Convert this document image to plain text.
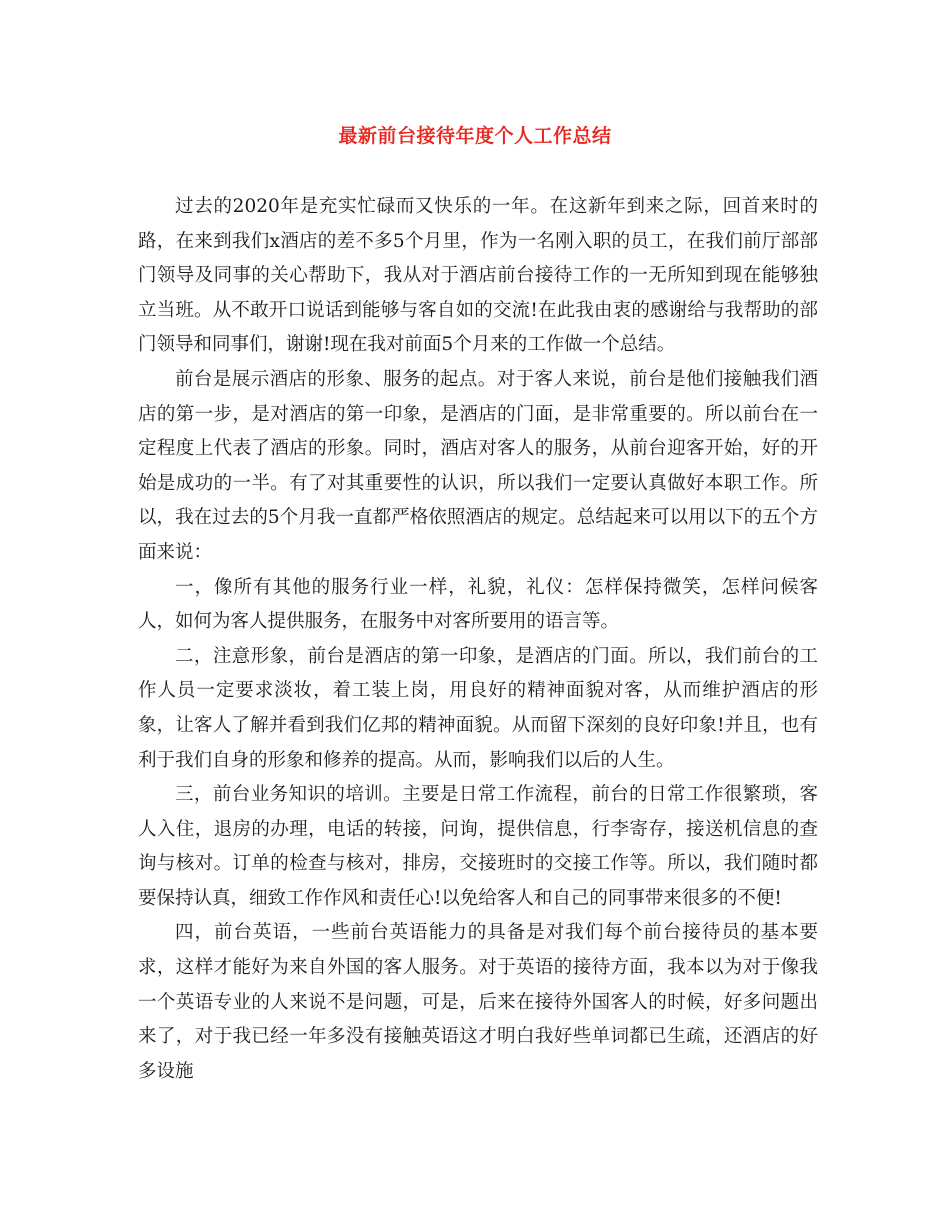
最新前台接待年度个人工作总结

过去的2020年是充实忙碌而又快乐的一年。在这新年到来之际，回首来时的路，在来到我们x酒店的差不多5个月里，作为一名刚入职的员工，在我们前厅部部门领导及同事的关心帮助下，我从对于酒店前台接待工作的一无所知到现在能够独立当班。从不敢开口说话到能够与客自如的交流!在此我由衷的感谢给与我帮助的部门领导和同事们，谢谢!现在我对前面5个月来的工作做一个总结。

前台是展示酒店的形象、服务的起点。对于客人来说，前台是他们接触我们酒店的第一步，是对酒店的第一印象，是酒店的门面，是非常重要的。所以前台在一定程度上代表了酒店的形象。同时，酒店对客人的服务，从前台迎客开始，好的开始是成功的一半。有了对其重要性的认识，所以我们一定要认真做好本职工作。所以，我在过去的5个月我一直都严格依照酒店的规定。总结起来可以用以下的五个方面来说：

一，像所有其他的服务行业一样，礼貌，礼仪：怎样保持微笑，怎样问候客人，如何为客人提供服务，在服务中对客所要用的语言等。

二，注意形象，前台是酒店的第一印象，是酒店的门面。所以，我们前台的工作人员一定要求淡妆，着工装上岗，用良好的精神面貌对客，从而维护酒店的形象，让客人了解并看到我们亿邦的精神面貌。从而留下深刻的良好印象!并且，也有利于我们自身的形象和修养的提高。从而，影响我们以后的人生。

三，前台业务知识的培训。主要是日常工作流程，前台的日常工作很繁琐，客人入住，退房的办理，电话的转接，问询，提供信息，行李寄存，接送机信息的查询与核对。订单的检查与核对，排房，交接班时的交接工作等。所以，我们随时都要保持认真，细致工作作风和责任心!以免给客人和自己的同事带来很多的不便!

四，前台英语，一些前台英语能力的具备是对我们每个前台接待员的基本要求，这样才能好为来自外国的客人服务。对于英语的接待方面，我本以为对于像我一个英语专业的人来说不是问题，可是，后来在接待外国客人的时候，好多问题出来了，对于我已经一年多没有接触英语这才明白我好些单词都已生疏，还酒店的好多设施
